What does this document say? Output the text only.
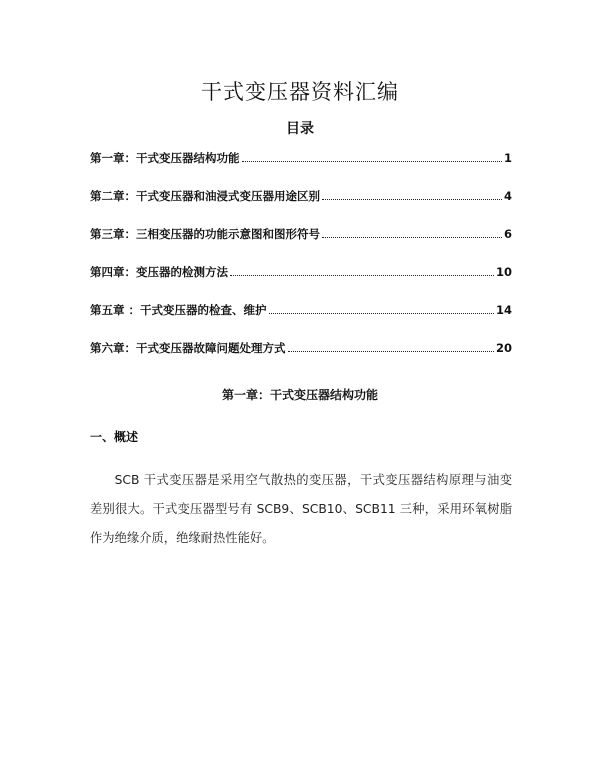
干式变压器资料汇编
目录
第一章：干式变压器结构功能	1
第二章：干式变压器和油浸式变压器用途区别	4
第三章：三相变压器的功能示意图和图形符号	6
第四章：变压器的检测方法	10
第五章 ：干式变压器的检查、维护	14
第六章：干式变压器故障问题处理方式	20
第一章：干式变压器结构功能
一、概述

SCB 干式变压器是采用空气散热的变压器，干式变压器结构原理与油变差别很大。干式变压器型号有 SCB9、SCB10、SCB11 三种，采用环氧树脂作为绝缘介质，绝缘耐热性能好。
